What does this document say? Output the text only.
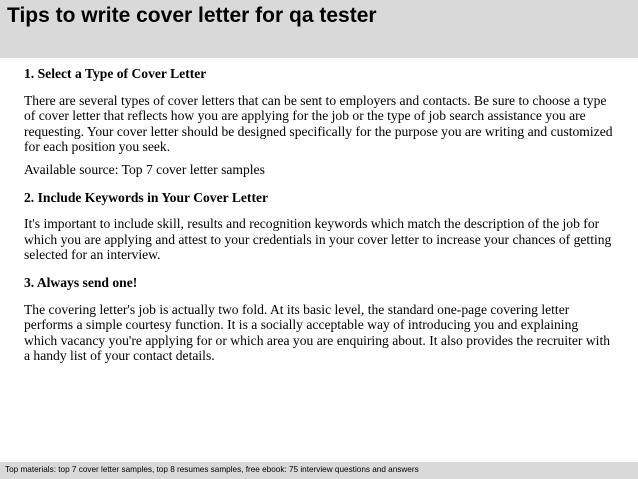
Tips to write cover letter for qa tester

1. Select a Type of Cover Letter

There are several types of cover letters that can be sent to employers and contacts. Be sure to choose a type of cover letter that reflects how you are applying for the job or the type of job search assistance you are requesting. Your cover letter should be designed specifically for the purpose you are writing and customized for each position you seek.

Available source: Top 7 cover letter samples

2. Include Keywords in Your Cover Letter

It's important to include skill, results and recognition keywords which match the description of the job for which you are applying and attest to your credentials in your cover letter to increase your chances of getting selected for an interview.

3. Always send one!

The covering letter's job is actually two fold. At its basic level, the standard one-page covering letter performs a simple courtesy function. It is a socially acceptable way of introducing you and explaining which vacancy you're applying for or which area you are enquiring about. It also provides the recruiter with a handy list of your contact details.

Top materials: top 7 cover letter samples, top 8 resumes samples, free ebook: 75 interview questions and answers
